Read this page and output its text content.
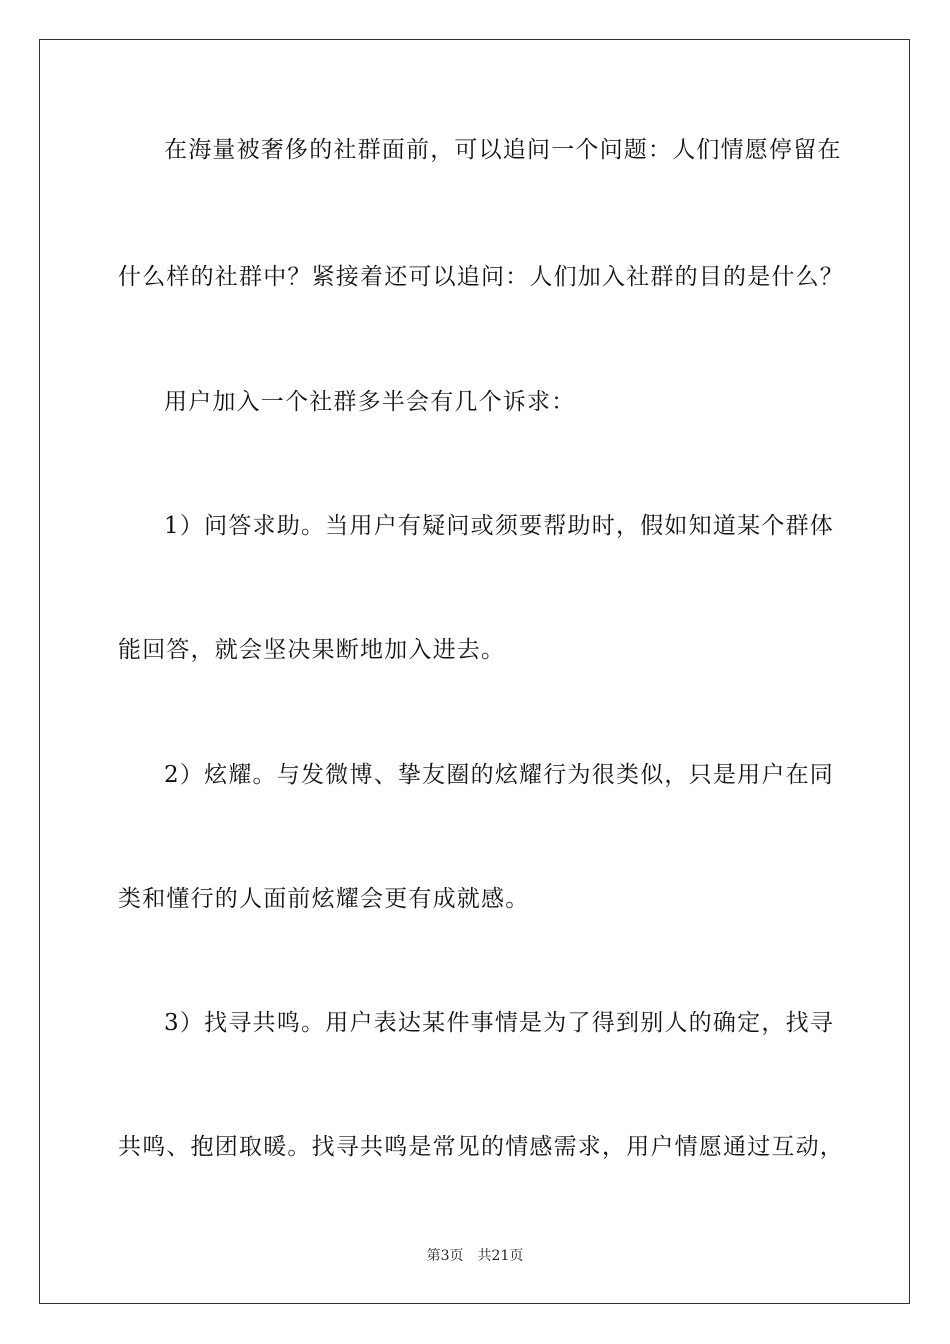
在海量被奢侈的社群面前，可以追问一个问题：人们情愿停留在
什么样的社群中？紧接着还可以追问：人们加入社群的目的是什么？
用户加入一个社群多半会有几个诉求：
1）问答求助。当用户有疑问或须要帮助时，假如知道某个群体
能回答，就会坚决果断地加入进去。
2）炫耀。与发微博、挚友圈的炫耀行为很类似，只是用户在同
类和懂行的人面前炫耀会更有成就感。
3）找寻共鸣。用户表达某件事情是为了得到别人的确定，找寻
共鸣、抱团取暖。找寻共鸣是常见的情感需求，用户情愿通过互动，
第3页 共21页
